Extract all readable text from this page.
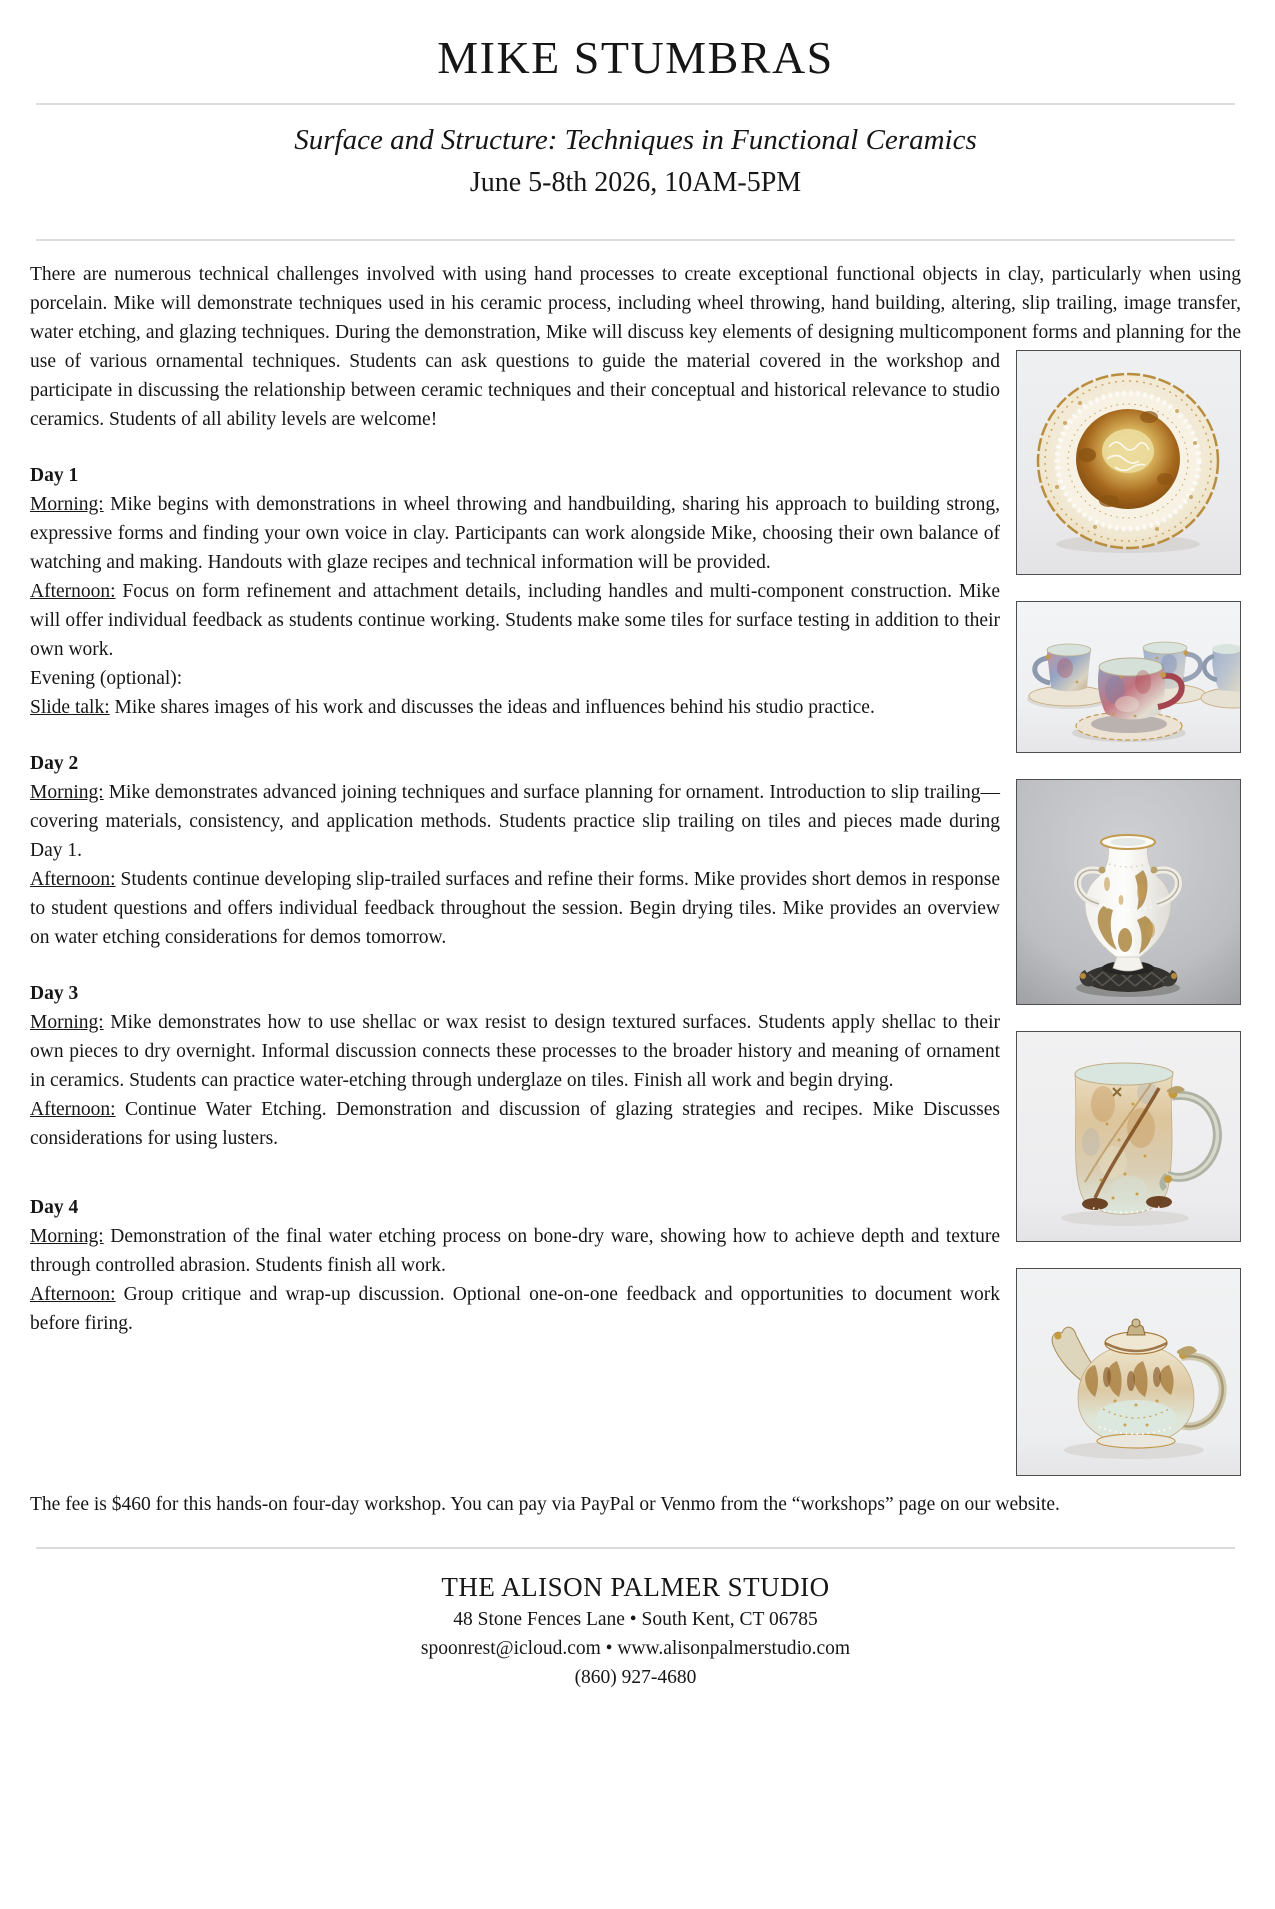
MIKE STUMBRAS
Surface and Structure: Techniques in Functional Ceramics
June 5-8th 2026, 10AM-5PM

There are numerous technical challenges involved with using hand processes to create exceptional functional objects in clay, particularly when using porcelain. Mike will demonstrate techniques used in his ceramic process, including wheel throwing, hand building, altering, slip trailing, image transfer, water etching, and glazing techniques. During the demonstration, Mike will discuss key elements of designing multicomponent forms and planning for the use of various
ornamental techniques. Students can ask questions to guide the material covered in the workshop and participate in discussing the relationship between ceramic techniques and their conceptual and historical relevance to studio ceramics. Students of all ability levels are welcome!

Day 1

Morning: Mike begins with demonstrations in wheel throwing and handbuilding, sharing his approach to building strong, expressive forms and finding your own voice in clay. Participants can work alongside Mike, choosing their own balance of watching and making. Handouts with glaze recipes and technical information will be provided.

Afternoon: Focus on form refinement and attachment details, including handles and multi-component construction. Mike will offer individual feedback as students continue working. Students make some tiles for surface testing in addition to their own work.

Evening (optional):

Slide talk: Mike shares images of his work and discusses the ideas and influences behind his studio practice.

Day 2

Morning: Mike demonstrates advanced joining techniques and surface planning for ornament. Introduction to slip trailing—covering materials, consistency, and application methods. Students practice slip trailing on tiles and pieces made during Day 1.

Afternoon: Students continue developing slip-trailed surfaces and refine their forms. Mike provides short demos in response to student questions and offers individual feedback throughout the session. Begin drying tiles. Mike provides an overview on water etching considerations for demos tomorrow.

Day 3

Morning: Mike demonstrates how to use shellac or wax resist to design textured surfaces. Students apply shellac to their own pieces to dry overnight. Informal discussion connects these processes to the broader history and meaning of ornament in ceramics. Students can practice water-etching through underglaze on tiles. Finish all work and begin drying.

Afternoon: Continue Water Etching. Demonstration and discussion of glazing strategies and recipes. Mike Discusses considerations for using lusters.

Day 4

Morning: Demonstration of the final water etching process on bone-dry ware, showing how to achieve depth and texture through controlled abrasion. Students finish all work.

Afternoon: Group critique and wrap-up discussion. Optional one-on-one feedback and opportunities to document work before firing.

The fee is $460 for this hands-on four-day workshop. You can pay via PayPal or Venmo from the “workshops” page on our website.

THE ALISON PALMER STUDIO
48 Stone Fences Lane • South Kent, CT 06785
spoonrest@icloud.com • www.alisonpalmerstudio.com
(860) 927-4680
